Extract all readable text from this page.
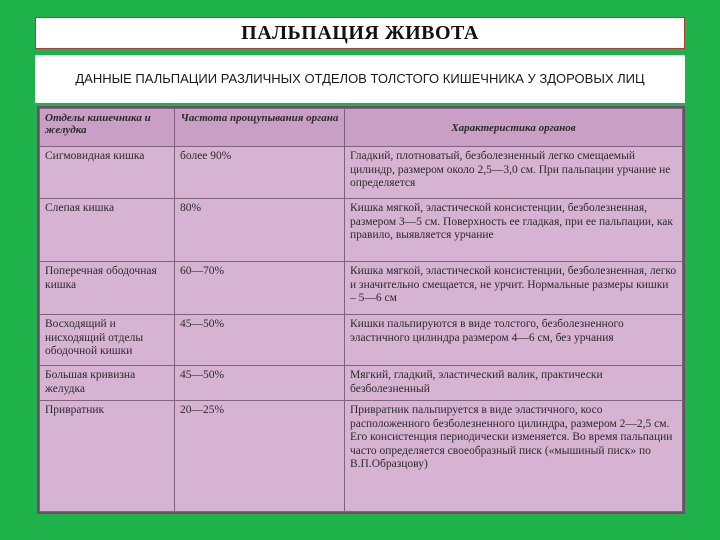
ПАЛЬПАЦИЯ ЖИВОТА
ДАННЫЕ ПАЛЬПАЦИИ РАЗЛИЧНЫХ ОТДЕЛОВ ТОЛСТОГО КИШЕЧНИКА У ЗДОРОВЫХ ЛИЦ
Отделы кишечника и желудка	Частота прощупывания органа	Характеристика органов
Сигмовидная кишка	более 90%	Гладкий, плотноватый, безболезненный легко смещаемый цилиндр, размером около 2,5—3,0 см. При пальпации урчание не определяется
Слепая кишка	80%	Кишка мягкой, эластической консистенции, безболезненная, размером 3—5 см. Поверхность ее гладкая, при ее пальпации, как правило, выявляется урчание
Поперечная ободочная кишка	60—70%	Кишка мягкой, эластической консистенции, безболезненная, легко и значительно смещается, не урчит. Нормальные размеры кишки – 5—6 см
Восходящий и нисходящий отделы ободочной кишки	45—50%	Кишки пальпируются в виде толстого, безболезненного эластичного цилиндра размером 4—6 см, без урчания
Большая кривизна желудка	45—50%	Мягкий, гладкий, эластический валик, практически безболезненный
Привратник	20—25%	Привратник пальпируется в виде эластичного, косо расположенного безболезненного цилиндра, размером 2—2,5 см. Его консистенция периодически изменяется. Во время пальпации часто определяется своеобразный писк («мышиный писк» по В.П.Образцову)
